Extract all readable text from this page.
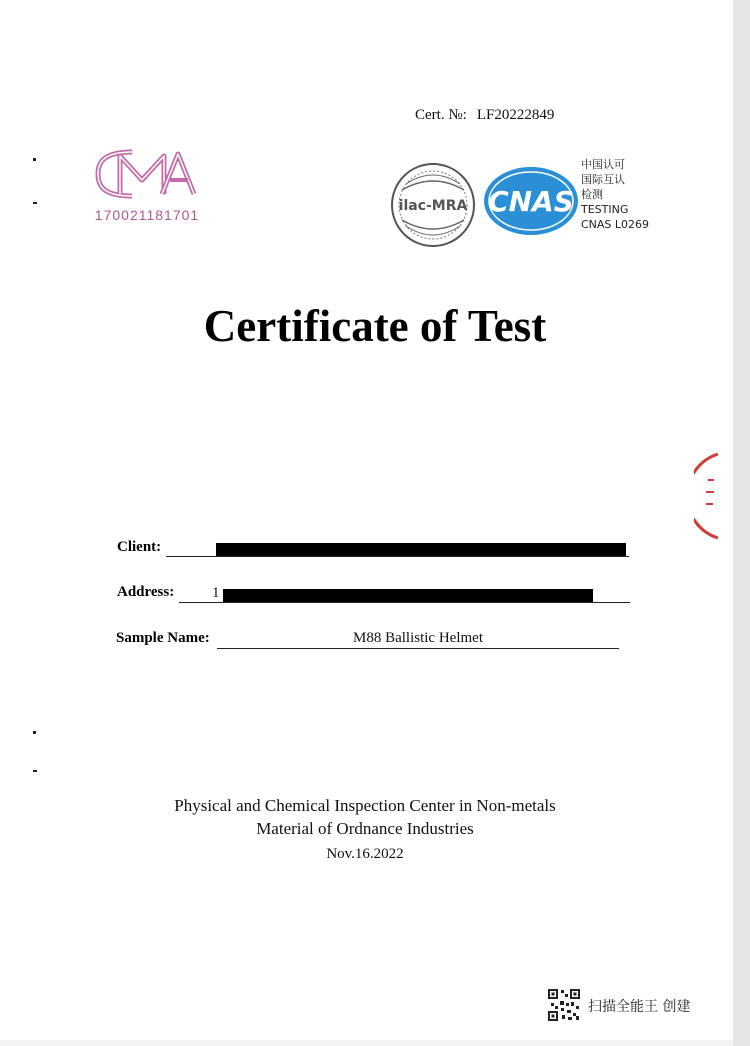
Cert. №: LF20222849
170021181701
ilac-MRA CNAS
中国认可
国际互认
检测
TESTING
CNAS L0269
Certificate of Test
Client:
Address:	1
Sample Name:	M88 Ballistic Helmet
Physical and Chemical Inspection Center in Non-metals
Material of Ordnance Industries
Nov.16.2022
扫描全能王 创建
